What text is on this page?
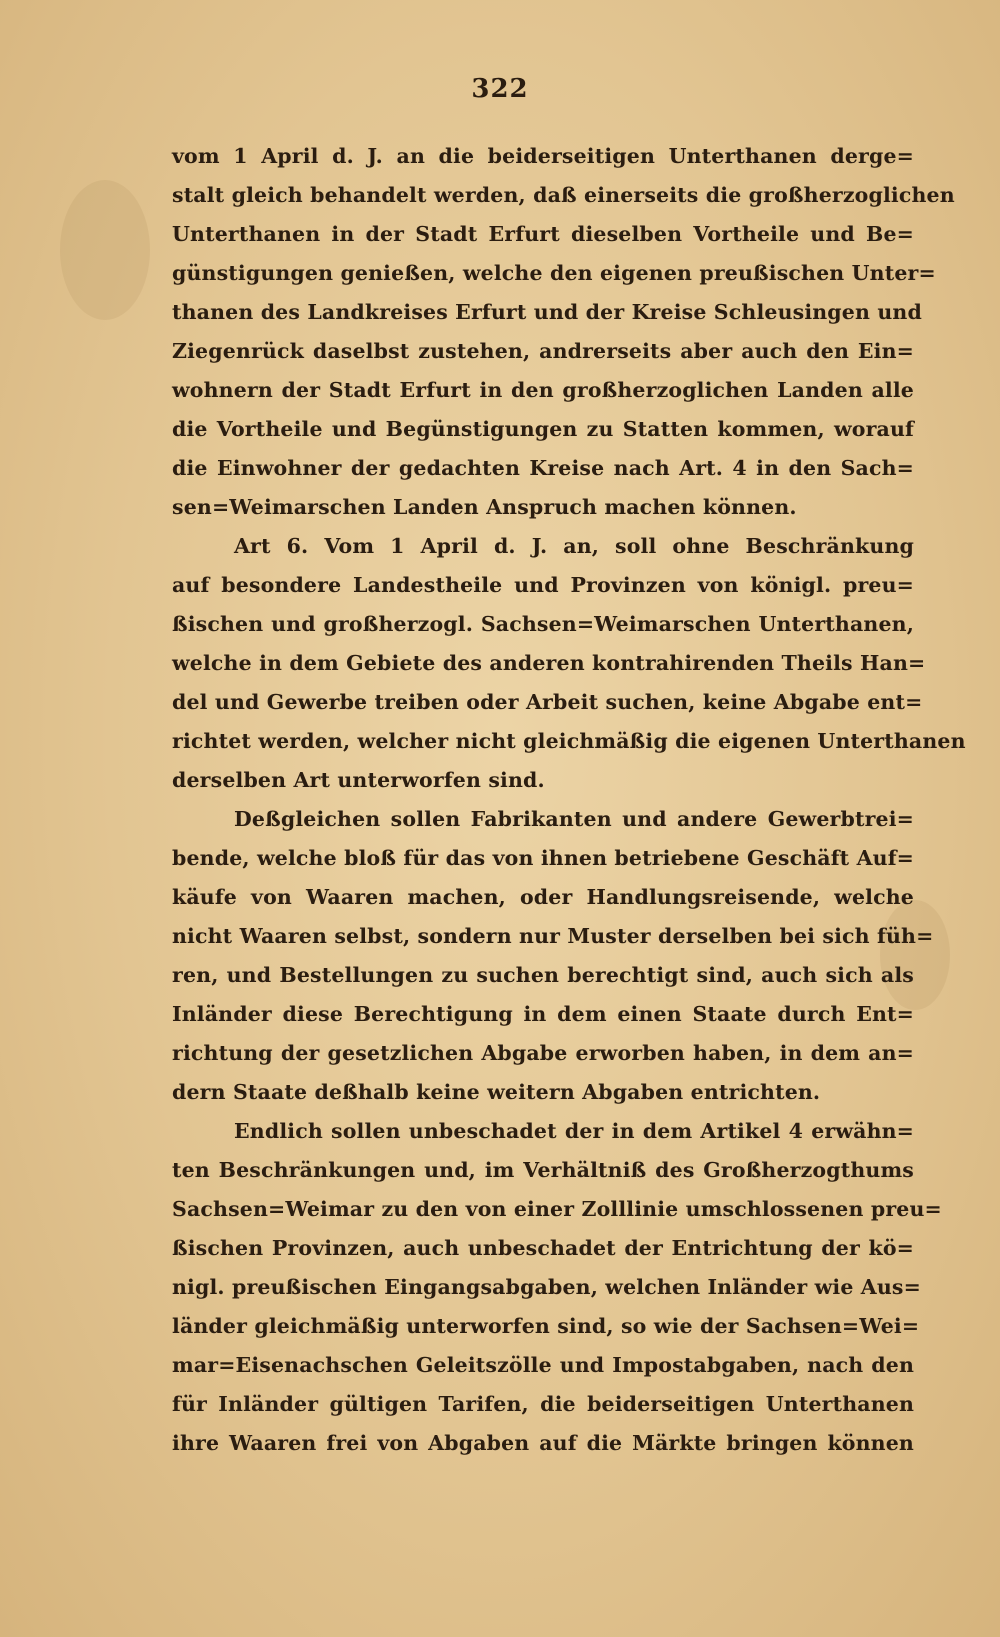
322
vom 1 April d. J. an die beiderseitigen Unterthanen derge=
stalt gleich behandelt werden, daß einerseits die großherzoglichen
Unterthanen in der Stadt Erfurt dieselben Vortheile und Be=
günstigungen genießen, welche den eigenen preußischen Unter=
thanen des Landkreises Erfurt und der Kreise Schleusingen und
Ziegenrück daselbst zustehen, andrerseits aber auch den Ein=
wohnern der Stadt Erfurt in den großherzoglichen Landen alle
die Vortheile und Begünstigungen zu Statten kommen, worauf
die Einwohner der gedachten Kreise nach Art. 4 in den Sach=
sen=Weimarschen Landen Anspruch machen können.
Art 6. Vom 1 April d. J. an, soll ohne Beschränkung
auf besondere Landestheile und Provinzen von königl. preu=
ßischen und großherzogl. Sachsen=Weimarschen Unterthanen,
welche in dem Gebiete des anderen kontrahirenden Theils Han=
del und Gewerbe treiben oder Arbeit suchen, keine Abgabe ent=
richtet werden, welcher nicht gleichmäßig die eigenen Unterthanen
derselben Art unterworfen sind.
Deßgleichen sollen Fabrikanten und andere Gewerbtrei=
bende, welche bloß für das von ihnen betriebene Geschäft Auf=
käufe von Waaren machen, oder Handlungsreisende, welche
nicht Waaren selbst, sondern nur Muster derselben bei sich füh=
ren, und Bestellungen zu suchen berechtigt sind, auch sich als
Inländer diese Berechtigung in dem einen Staate durch Ent=
richtung der gesetzlichen Abgabe erworben haben, in dem an=
dern Staate deßhalb keine weitern Abgaben entrichten.
Endlich sollen unbeschadet der in dem Artikel 4 erwähn=
ten Beschränkungen und, im Verhältniß des Großherzogthums
Sachsen=Weimar zu den von einer Zolllinie umschlossenen preu=
ßischen Provinzen, auch unbeschadet der Entrichtung der kö=
nigl. preußischen Eingangsabgaben, welchen Inländer wie Aus=
länder gleichmäßig unterworfen sind, so wie der Sachsen=Wei=
mar=Eisenachschen Geleitszölle und Impostabgaben, nach den
für Inländer gültigen Tarifen, die beiderseitigen Unterthanen
ihre Waaren frei von Abgaben auf die Märkte bringen können
